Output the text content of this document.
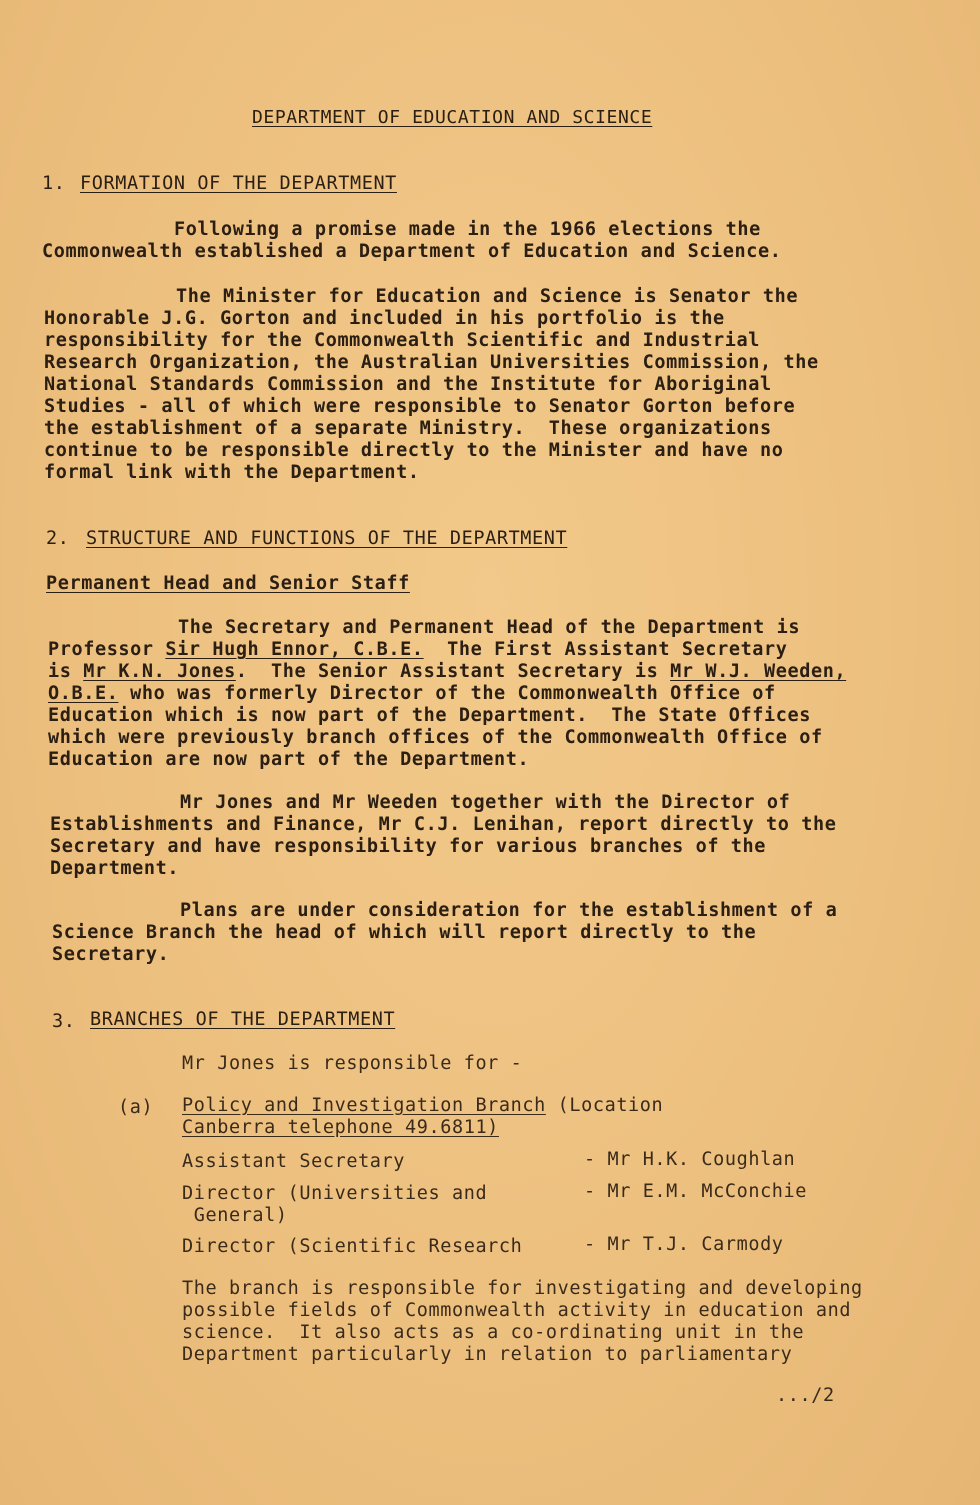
DEPARTMENT OF EDUCATION AND SCIENCE
1. FORMATION OF THE DEPARTMENT
Following a promise made in the 1966 elections the
Commonwealth established a Department of Education and Science.
The Minister for Education and Science is Senator the
Honorable J.G. Gorton and included in his portfolio is the
responsibility for the Commonwealth Scientific and Industrial
Research Organization, the Australian Universities Commission, the
National Standards Commission and the Institute for Aboriginal
Studies - all of which were responsible to Senator Gorton before
the establishment of a separate Ministry.  These organizations
continue to be responsible directly to the Minister and have no
formal link with the Department.
2. STRUCTURE AND FUNCTIONS OF THE DEPARTMENT
Permanent Head and Senior Staff
The Secretary and Permanent Head of the Department is
Professor Sir Hugh Ennor, C.B.E.  The First Assistant Secretary
is Mr K.N. Jones.  The Senior Assistant Secretary is Mr W.J. Weeden,
O.B.E. who was formerly Director of the Commonwealth Office of
Education which is now part of the Department.  The State Offices
which were previously branch offices of the Commonwealth Office of
Education are now part of the Department.
Mr Jones and Mr Weeden together with the Director of
Establishments and Finance, Mr C.J. Lenihan, report directly to the
Secretary and have responsibility for various branches of the
Department.
Plans are under consideration for the establishment of a
Science Branch the head of which will report directly to the
Secretary.
3. BRANCHES OF THE DEPARTMENT
Mr Jones is responsible for -
(a) Policy and Investigation Branch (Location
Canberra telephone 49.6811)
Assistant Secretary	- Mr H.K. Coughlan
Director (Universities and
General)
- Mr E.M. McConchie
Director (Scientific Research	- Mr T.J. Carmody
The branch is responsible for investigating and developing
possible fields of Commonwealth activity in education and
science.  It also acts as a co-ordinating unit in the
Department particularly in relation to parliamentary
.../2
